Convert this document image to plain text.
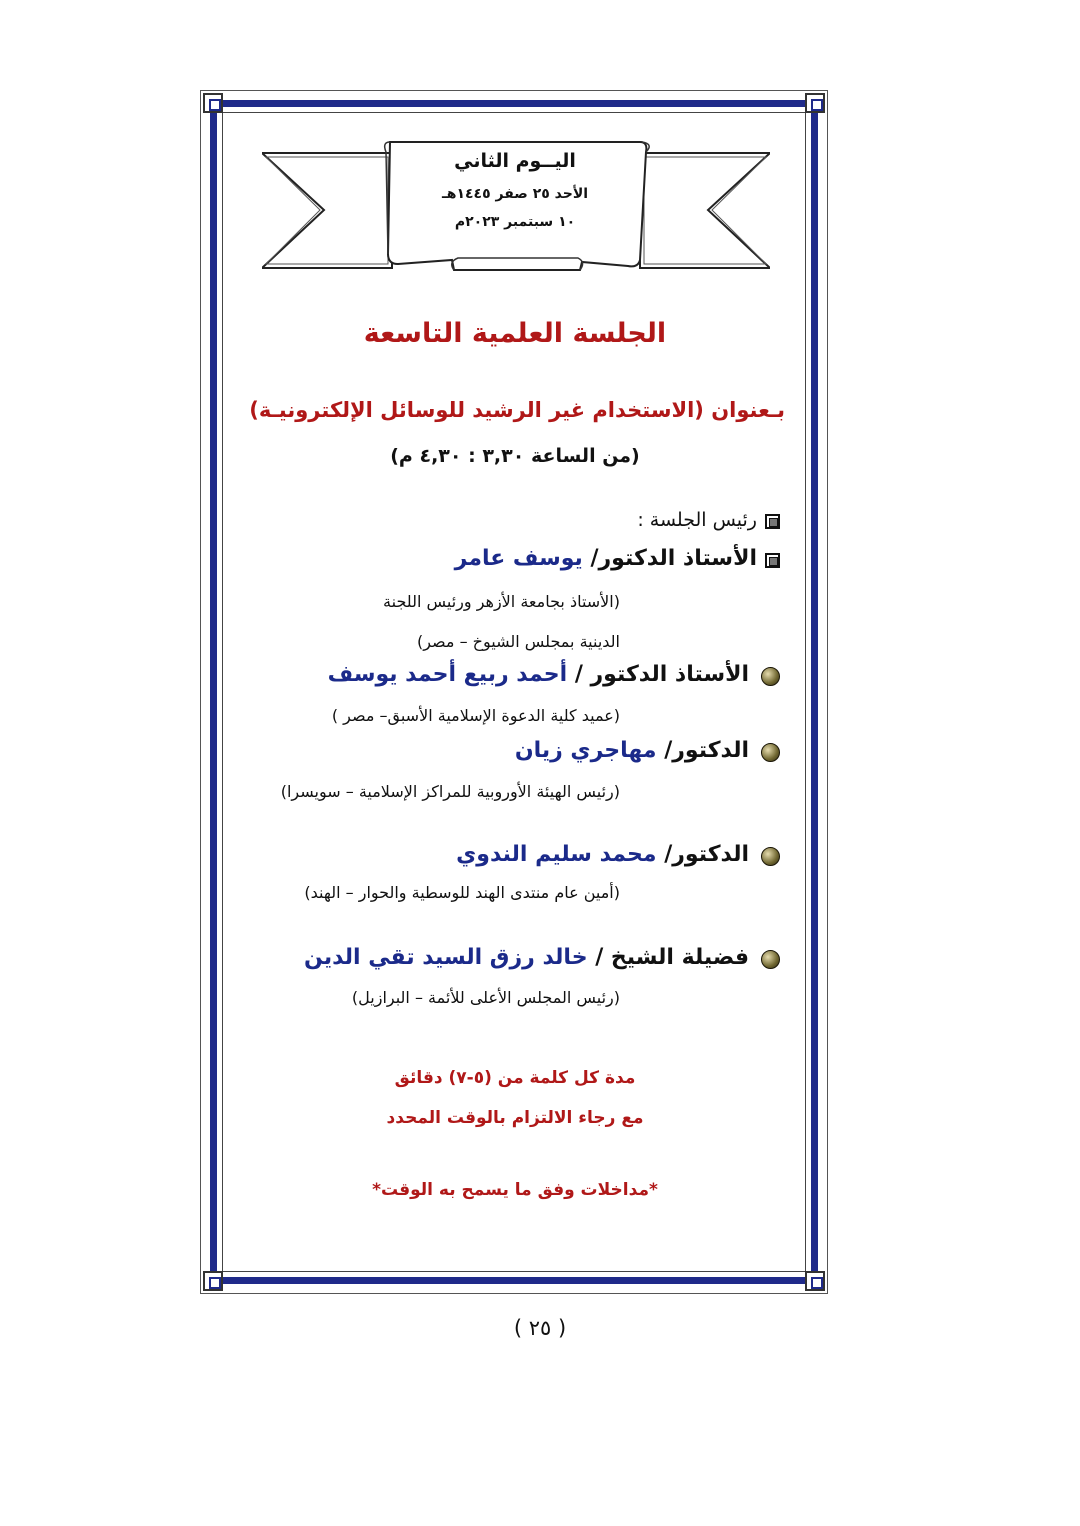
اليــوم الثاني
الأحد ٢٥ صفر ١٤٤٥هـ
١٠ سبتمبر ٢٠٢٣م
الجلسة العلمية التاسعة
بـعنوان (الاستخدام غير الرشيد للوسائل الإلكترونيـة)
(من الساعة ٣,٣٠ : ٤,٣٠ م)
رئيس الجلسة :
الأستاذ الدكتور/ يوسف عامر
(الأستاذ بجامعة الأزهر ورئيس اللجنة
الدينية بمجلس الشيوخ – مصر)
الأستاذ الدكتور / أحمد ربيع أحمد يوسف
(عميد كلية الدعوة الإسلامية الأسبق– مصر )
الدكتور/ مهاجري زيان
(رئيس الهيئة الأوروبية للمراكز الإسلامية – سويسرا)
الدكتور/ محمد سليم الندوي
(أمين عام منتدى الهند للوسطية والحوار – الهند)
فضيلة الشيخ / خالد رزق السيد تقي الدين
(رئيس المجلس الأعلى للأئمة – البرازيل)
مدة كل كلمة من (٥-٧) دقائق
مع رجاء الالتزام بالوقت المحدد
*مداخلات وفق ما يسمح به الوقت*
( ٢٥ )
